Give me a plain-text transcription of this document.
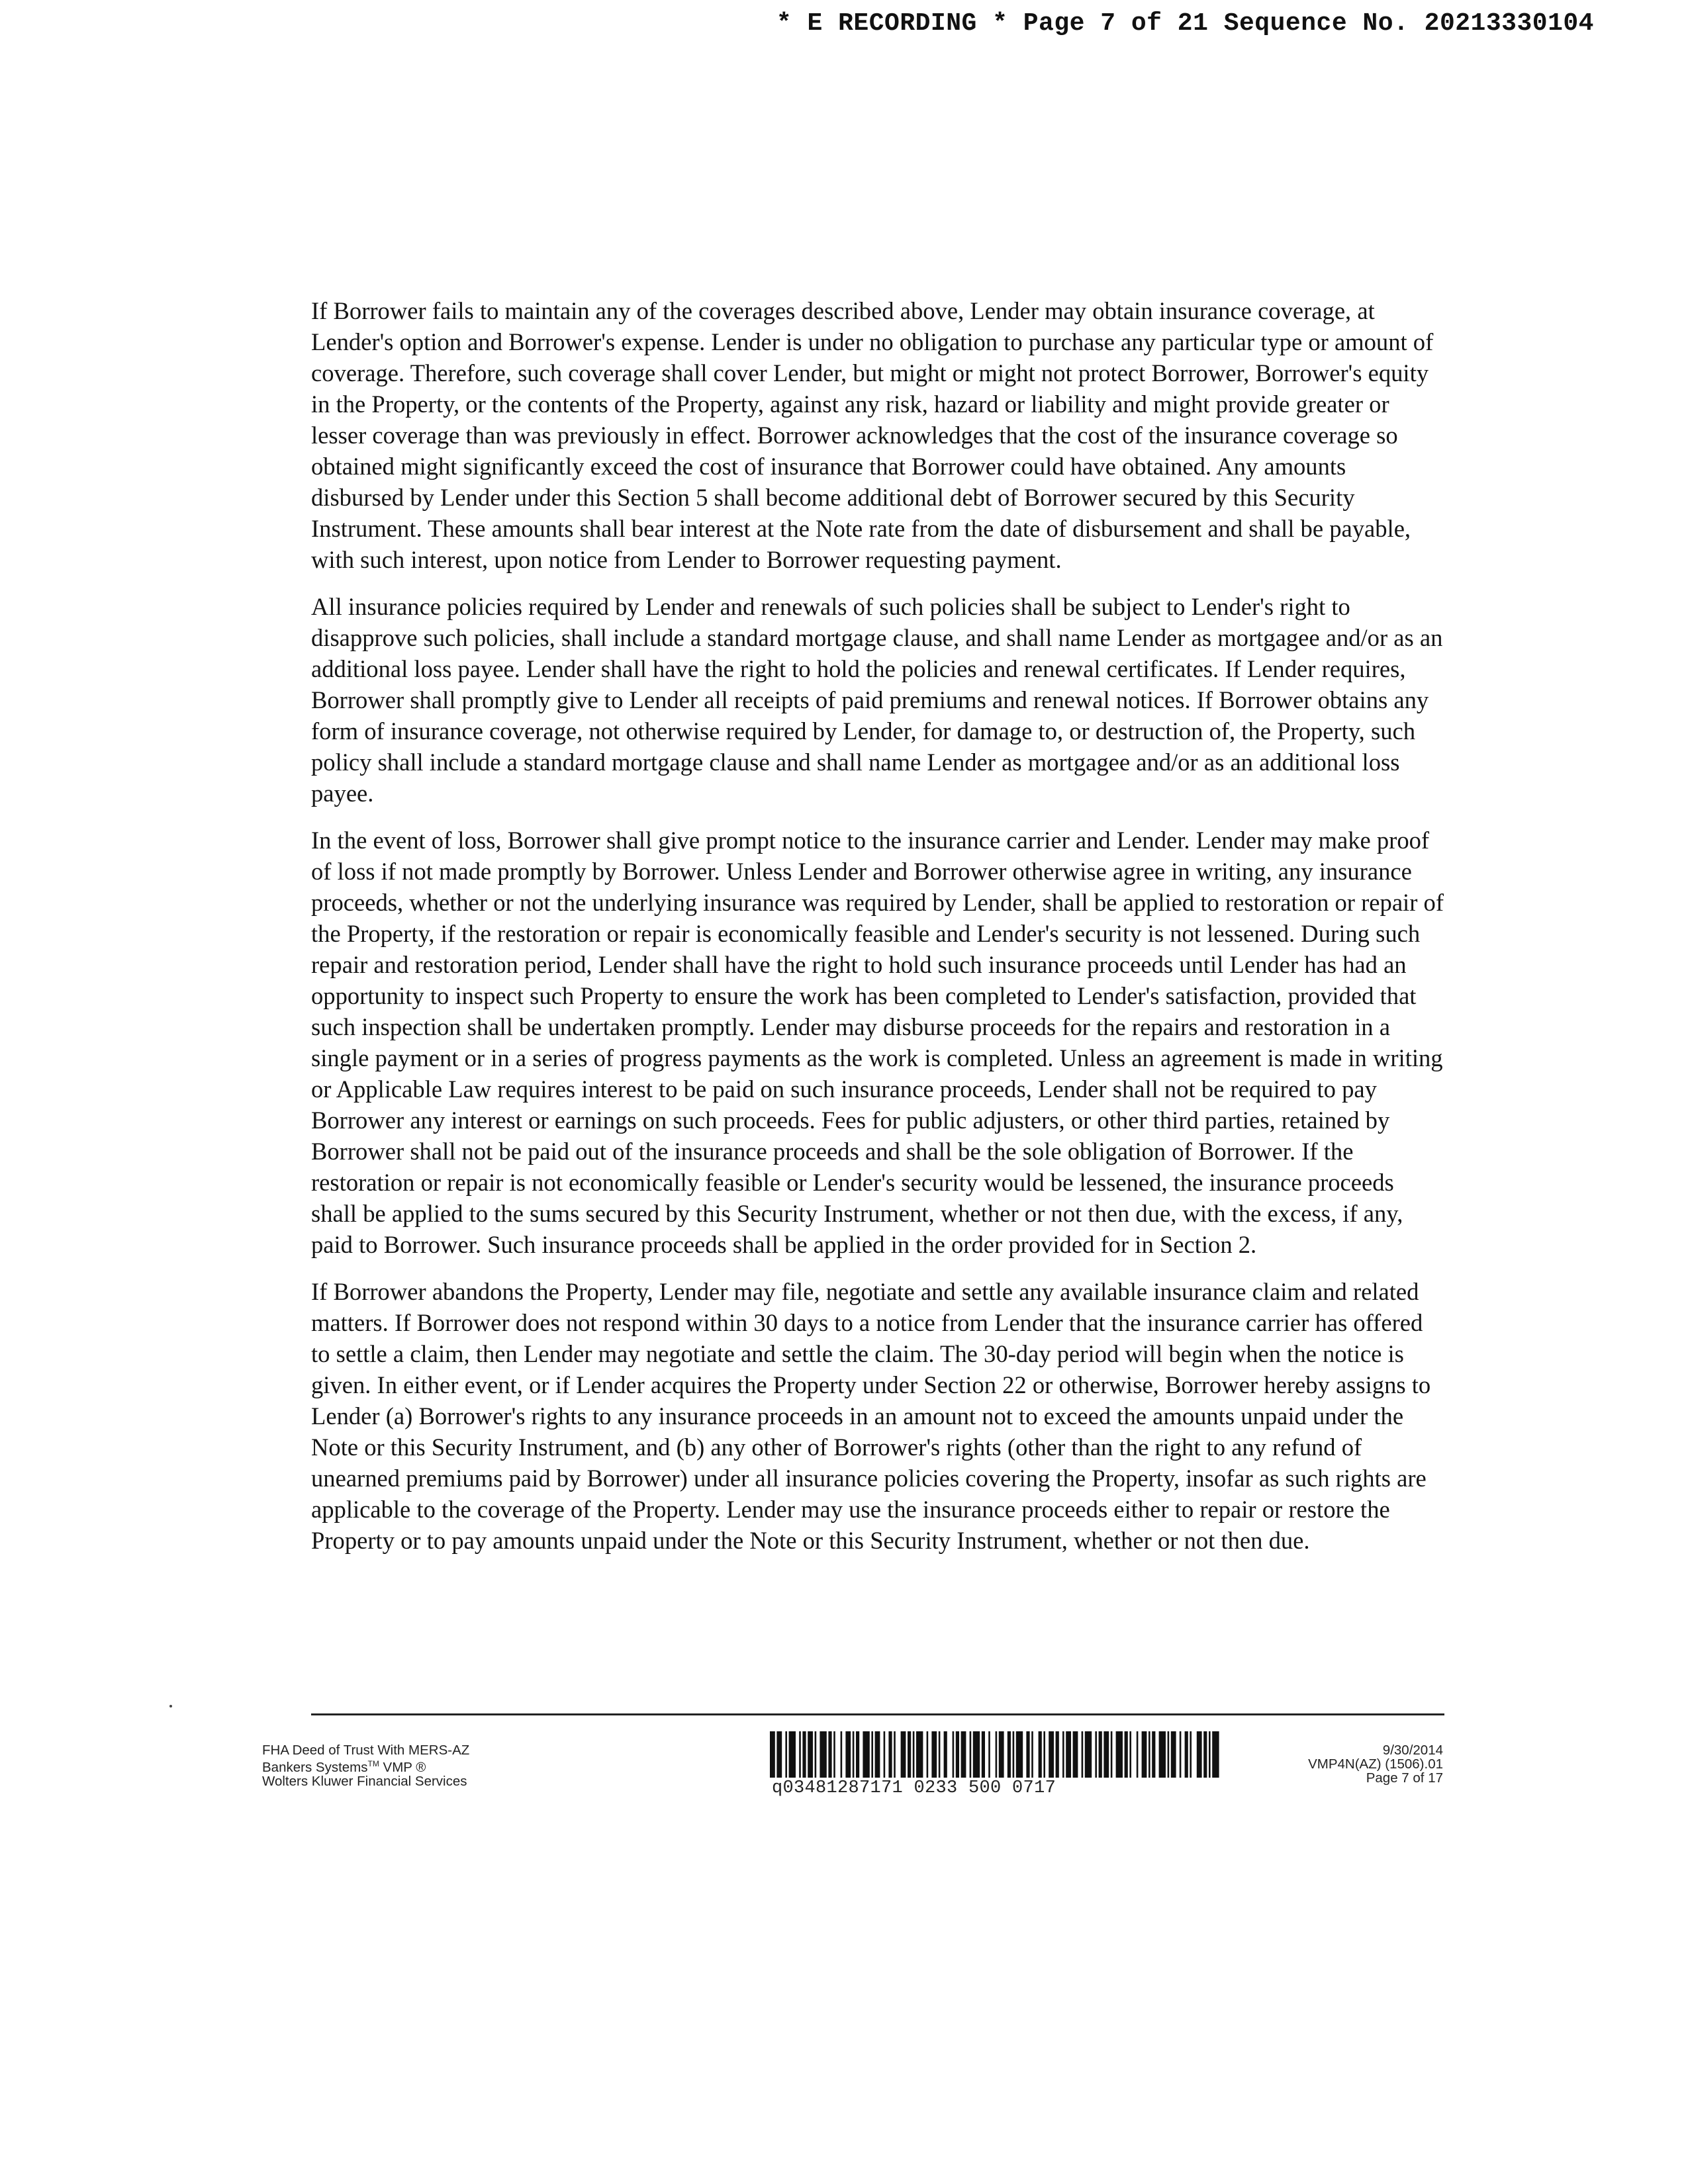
* E RECORDING * Page 7 of 21 Sequence No. 20213330104

If Borrower fails to maintain any of the coverages described above, Lender may obtain insurance coverage, at Lender's option and Borrower's expense. Lender is under no obligation to purchase any particular type or amount of coverage. Therefore, such coverage shall cover Lender, but might or might not protect Borrower, Borrower's equity in the Property, or the contents of the Property, against any risk, hazard or liability and might provide greater or lesser coverage than was previously in effect. Borrower acknowledges that the cost of the insurance coverage so obtained might significantly exceed the cost of insurance that Borrower could have obtained. Any amounts disbursed by Lender under this Section 5 shall become additional debt of Borrower secured by this Security Instrument. These amounts shall bear interest at the Note rate from the date of disbursement and shall be payable, with such interest, upon notice from Lender to Borrower requesting payment.

All insurance policies required by Lender and renewals of such policies shall be subject to Lender's right to disapprove such policies, shall include a standard mortgage clause, and shall name Lender as mortgagee and/or as an additional loss payee. Lender shall have the right to hold the policies and renewal certificates. If Lender requires, Borrower shall promptly give to Lender all receipts of paid premiums and renewal notices. If Borrower obtains any form of insurance coverage, not otherwise required by Lender, for damage to, or destruction of, the Property, such policy shall include a standard mortgage clause and shall name Lender as mortgagee and/or as an additional loss payee.

In the event of loss, Borrower shall give prompt notice to the insurance carrier and Lender. Lender may make proof of loss if not made promptly by Borrower. Unless Lender and Borrower otherwise agree in writing, any insurance proceeds, whether or not the underlying insurance was required by Lender, shall be applied to restoration or repair of the Property, if the restoration or repair is economically feasible and Lender's security is not lessened. During such repair and restoration period, Lender shall have the right to hold such insurance proceeds until Lender has had an opportunity to inspect such Property to ensure the work has been completed to Lender's satisfaction, provided that such inspection shall be undertaken promptly. Lender may disburse proceeds for the repairs and restoration in a single payment or in a series of progress payments as the work is completed. Unless an agreement is made in writing or Applicable Law requires interest to be paid on such insurance proceeds, Lender shall not be required to pay Borrower any interest or earnings on such proceeds. Fees for public adjusters, or other third parties, retained by Borrower shall not be paid out of the insurance proceeds and shall be the sole obligation of Borrower. If the restoration or repair is not economically feasible or Lender's security would be lessened, the insurance proceeds shall be applied to the sums secured by this Security Instrument, whether or not then due, with the excess, if any, paid to Borrower. Such insurance proceeds shall be applied in the order provided for in Section 2.

If Borrower abandons the Property, Lender may file, negotiate and settle any available insurance claim and related matters. If Borrower does not respond within 30 days to a notice from Lender that the insurance carrier has offered to settle a claim, then Lender may negotiate and settle the claim. The 30-day period will begin when the notice is given. In either event, or if Lender acquires the Property under Section 22 or otherwise, Borrower hereby assigns to Lender (a) Borrower's rights to any insurance proceeds in an amount not to exceed the amounts unpaid under the Note or this Security Instrument, and (b) any other of Borrower's rights (other than the right to any refund of unearned premiums paid by Borrower) under all insurance policies covering the Property, insofar as such rights are applicable to the coverage of the Property. Lender may use the insurance proceeds either to repair or restore the Property or to pay amounts unpaid under the Note or this Security Instrument, whether or not then due.

FHA Deed of Trust With MERS-AZ
Bankers Systems™ VMP ®
Wolters Kluwer Financial Services	q03481287171 0233 500 0717
9/30/2014
VMP4N(AZ) (1506).01
Page 7 of 17
